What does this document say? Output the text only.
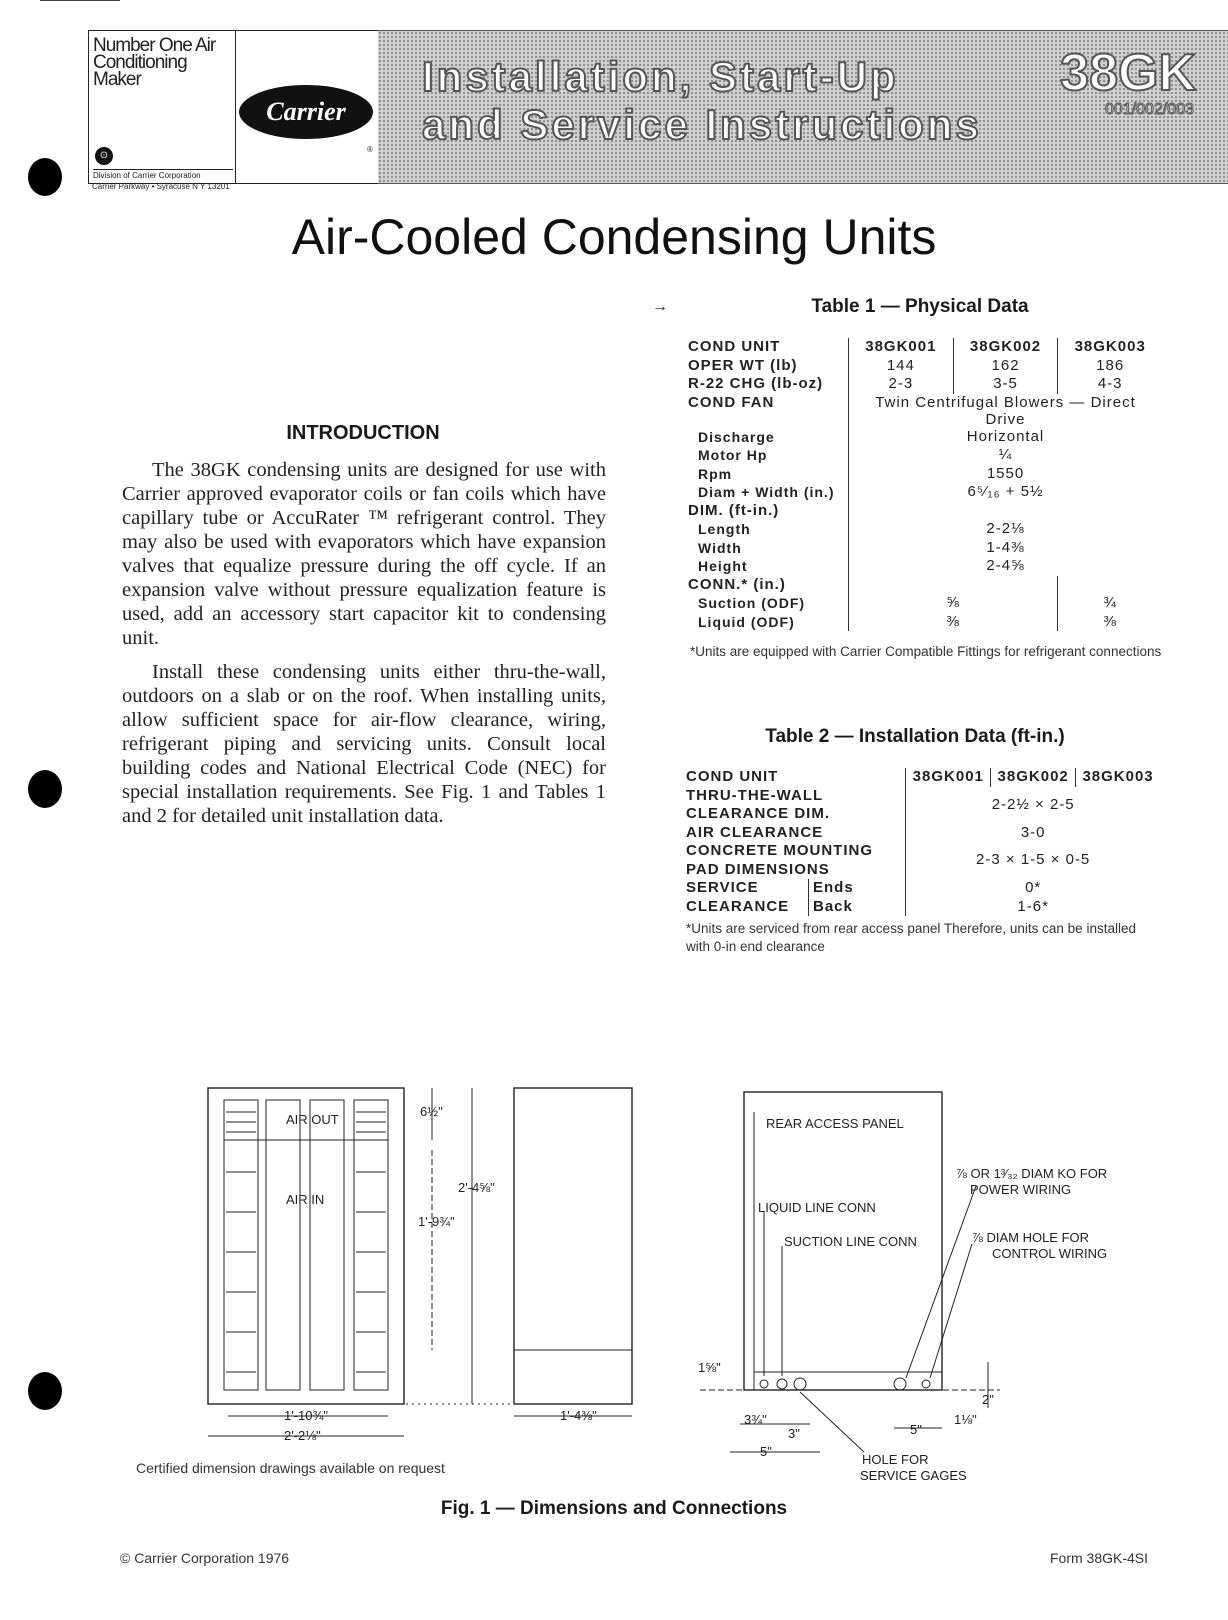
Number One Air Conditioning Maker
Carrier
®
⊙
Division of Carrier Corporation
Carrier Parkway • Syracuse N Y 13201
Installation, Start-Up
and Service Instructions
38GK
001/002/003
Air-Cooled Condensing Units
INTRODUCTION

The 38GK condensing units are designed for use with Carrier approved evaporator coils or fan coils which have capillary tube or AccuRater ™ refrigerant control. They may also be used with evaporators which have expansion valves that equalize pressure during the off cycle. If an expansion valve without pressure equalization feature is used, add an accessory start capacitor kit to condensing unit.

Install these condensing units either thru-the-wall, outdoors on a slab or on the roof. When installing units, allow sufficient space for air-flow clearance, wiring, refrigerant piping and servicing units. Consult local building codes and National Electrical Code (NEC) for special installation requirements. See Fig. 1 and Tables 1 and 2 for detailed unit installation data.

→	Table 1 — Physical Data
COND UNIT	38GK001	38GK002	38GK003
OPER WT (lb)	144	162	186
R-22 CHG (lb-oz)	2-3	3-5	4-3
COND FAN	Twin Centrifugal Blowers — Direct Drive		
Discharge	Horizontal		
Motor Hp	¼		
Rpm	1550		
Diam + Width (in.)	6⁵⁄₁₆ + 5½		
DIM. (ft-in.)			
Length	2-2⅛		
Width	1-4⅜		
Height	2-4⅝		
CONN.* (in.)			
Suction (ODF)	⅝		¾
Liquid (ODF)	⅜		⅜
*Units are equipped with Carrier Compatible Fittings for refrigerant connections
Table 2 — Installation Data (ft-in.)
COND UNIT		38GK001	38GK002	38GK003

THRU-THE-WALL
CLEARANCE DIM.		2-2½ × 2-5		
AIR CLEARANCE		3-0		

CONCRETE MOUNTING
PAD DIMENSIONS		2-3 × 1-5 × 0-5		

SERVICE
CLEARANCE	Ends	0*		
	Back	1-6*		
*Units are serviced from rear access panel Therefore, units can be installed with 0-in end clearance
AIR OUT
AIR IN
6½"
2'-4⅝"
1'-9¾"
1'-10¾"
2'-2⅛"
1'-4⅜"
REAR ACCESS PANEL
LIQUID LINE CONN
SUCTION LINE CONN
⅞ OR 1³⁄₃₂ DIAM KO FOR
POWER WIRING
⅞ DIAM HOLE FOR
CONTROL WIRING
1⅝"
2"
3¾"
3"
5"
5"
1⅛"
HOLE FOR
SERVICE GAGES
Certified dimension drawings available on request
Fig. 1 — Dimensions and Connections
© Carrier Corporation 1976	Form 38GK-4SI
